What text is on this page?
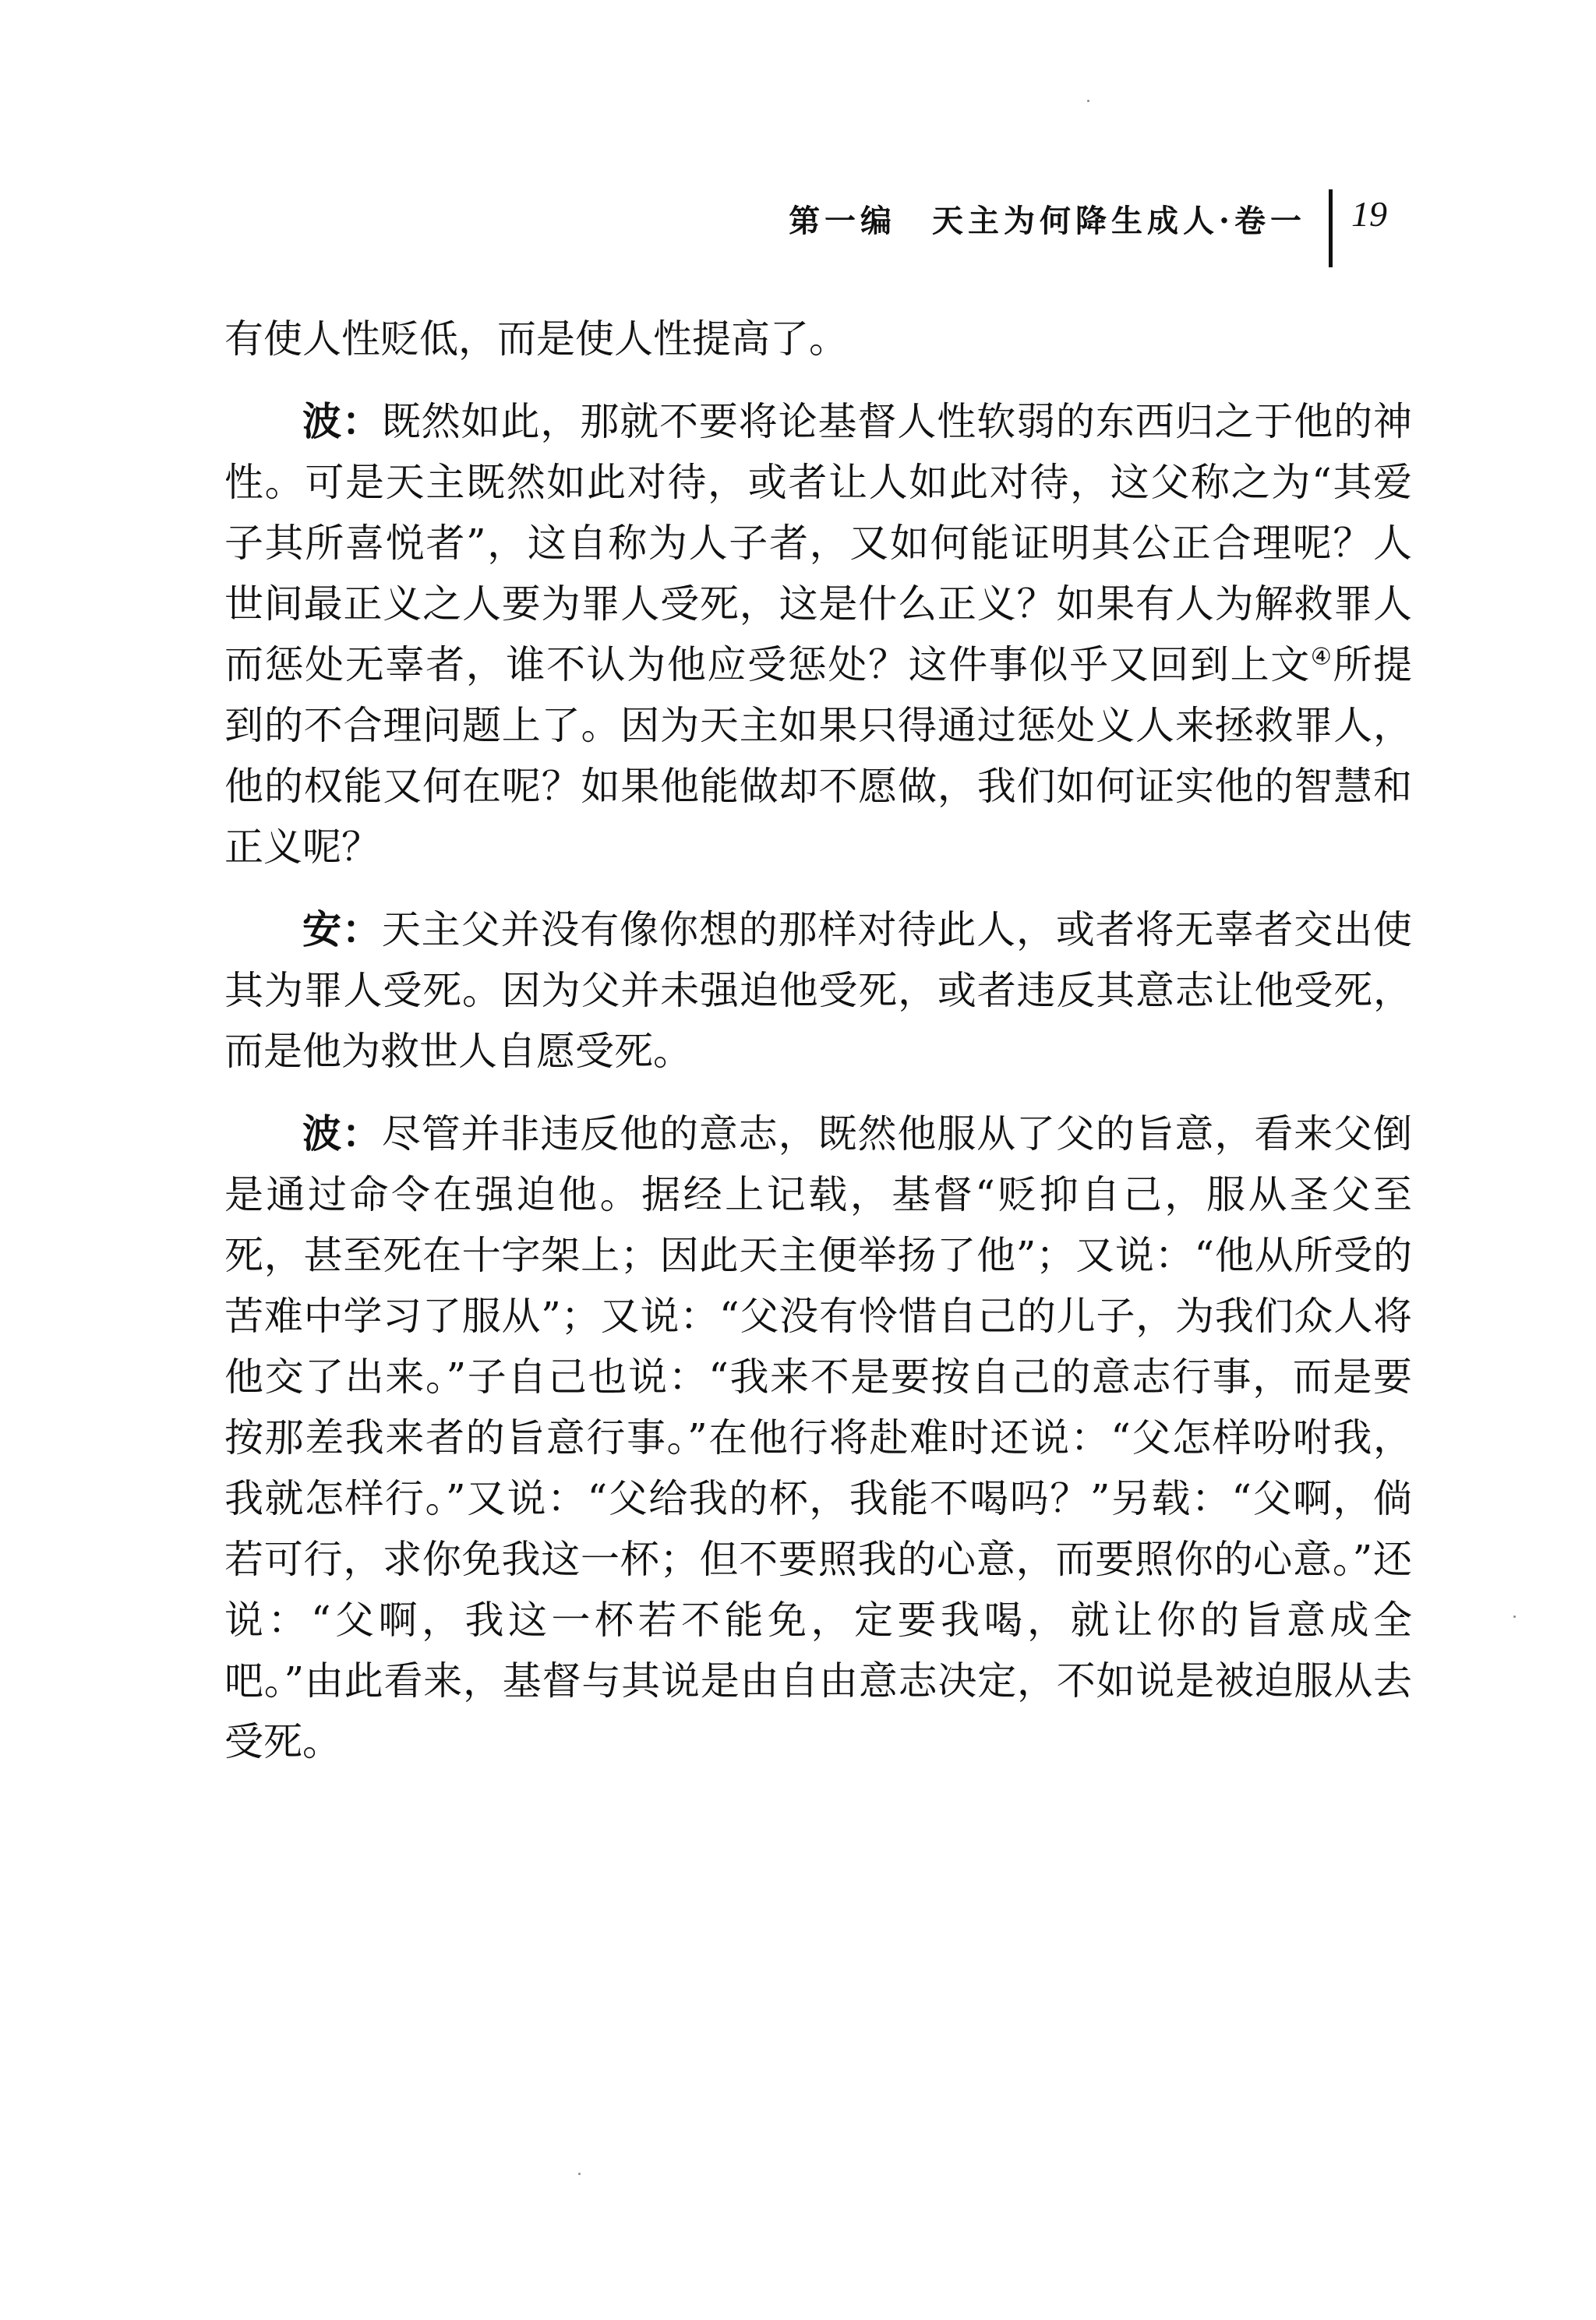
第一编　天主为何降生成人·卷一 19

有使人性贬低，而是使人性提高了。

波：既然如此，那就不要将论基督人性软弱的东西归之于他的神性。可是天主既然如此对待，或者让人如此对待，这父称之为“其爱子其所喜悦者”，这自称为人子者，又如何能证明其公正合理呢？人世间最正义之人要为罪人受死，这是什么正义？如果有人为解救罪人而惩处无辜者，谁不认为他应受惩处？这件事似乎又回到上文④所提到的不合理问题上了。因为天主如果只得通过惩处义人来拯救罪人，他的权能又何在呢？如果他能做却不愿做，我们如何证实他的智慧和正义呢？

安：天主父并没有像你想的那样对待此人，或者将无辜者交出使其为罪人受死。因为父并未强迫他受死，或者违反其意志让他受死，而是他为救世人自愿受死。

波：尽管并非违反他的意志，既然他服从了父的旨意，看来父倒是通过命令在强迫他。据经上记载，基督“贬抑自己，服从圣父至死，甚至死在十字架上；因此天主便举扬了他”；又说：“他从所受的苦难中学习了服从”；又说：“父没有怜惜自己的儿子，为我们众人将他交了出来。”子自己也说：“我来不是要按自己的意志行事，而是要按那差我来者的旨意行事。”在他行将赴难时还说：“父怎样吩咐我，我就怎样行。”又说：“父给我的杯，我能不喝吗？”另载：“父啊，倘若可行，求你免我这一杯；但不要照我的心意，而要照你的心意。”还说：“父啊，我这一杯若不能免，定要我喝，就让你的旨意成全吧。”由此看来，基督与其说是由自由意志决定，不如说是被迫服从去受死。
